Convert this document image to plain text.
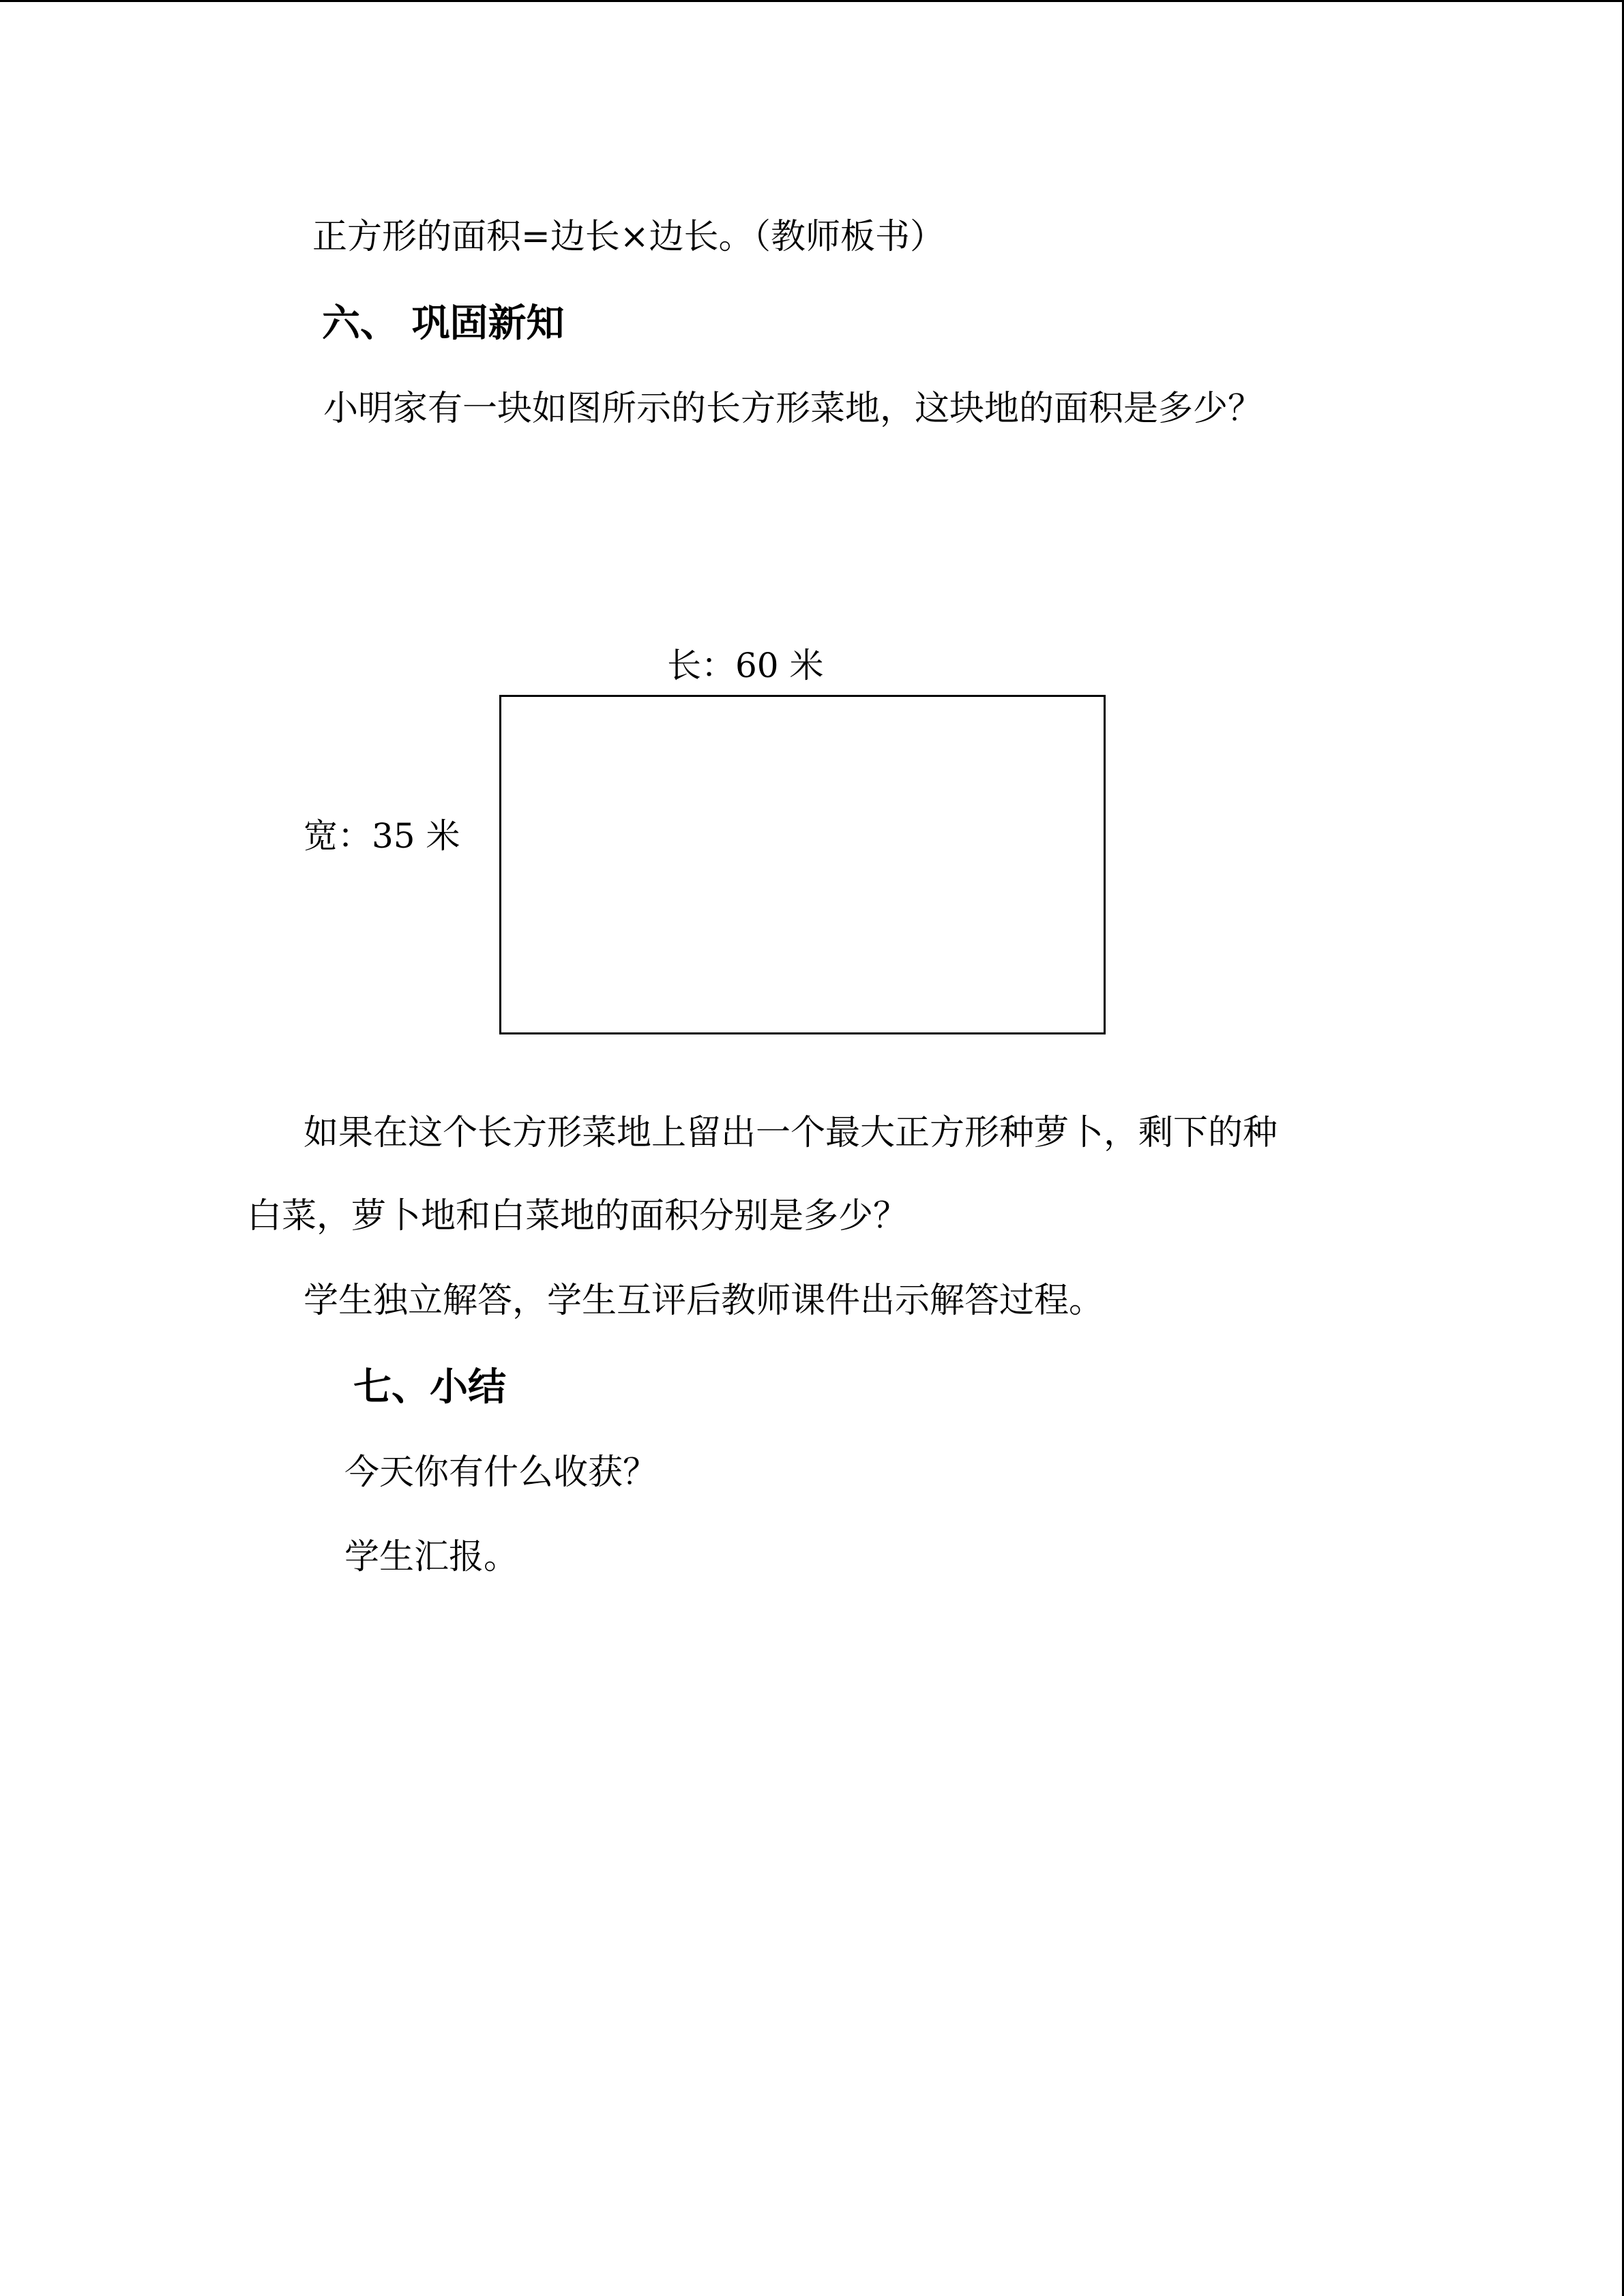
正方形的面积=边长×边长。（教师板书）
六、 巩固新知
小明家有一块如图所示的长方形菜地，这块地的面积是多少？
长：60 米
宽：35 米
如果在这个长方形菜地上留出一个最大正方形种萝卜，剩下的种
白菜，萝卜地和白菜地的面积分别是多少？
学生独立解答，学生互评后教师课件出示解答过程。
七、小结
今天你有什么收获？
学生汇报。
